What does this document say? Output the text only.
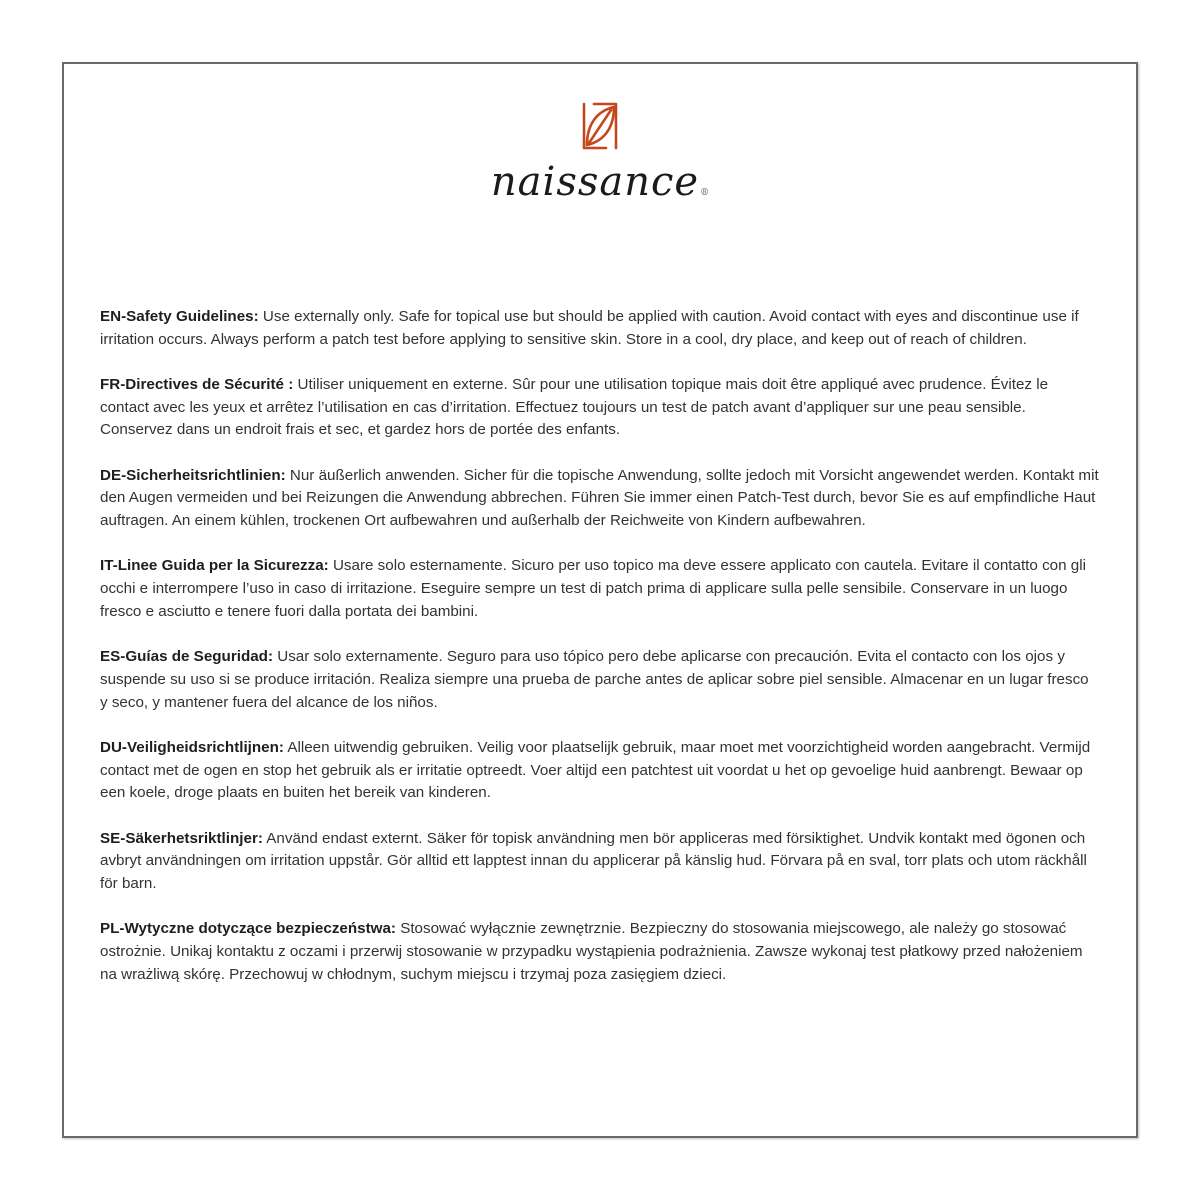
naissance®

EN-Safety Guidelines: Use externally only. Safe for topical use but should be applied with caution. Avoid contact with eyes and discontinue use if irritation occurs. Always perform a patch test before applying to sensitive skin. Store in a cool, dry place, and keep out of reach of children.

FR-Directives de Sécurité : Utiliser uniquement en externe. Sûr pour une utilisation topique mais doit être appliqué avec prudence. Évitez le contact avec les yeux et arrêtez l’utilisation en cas d’irritation. Effectuez toujours un test de patch avant d’appliquer sur une peau sensible. Conservez dans un endroit frais et sec, et gardez hors de portée des enfants.

DE-Sicherheitsrichtlinien: Nur äußerlich anwenden. Sicher für die topische Anwendung, sollte jedoch mit Vorsicht angewendet werden. Kontakt mit den Augen vermeiden und bei Reizungen die Anwendung abbrechen. Führen Sie immer einen Patch-Test durch, bevor Sie es auf empfindliche Haut auftragen. An einem kühlen, trockenen Ort aufbewahren und außerhalb der Reichweite von Kindern aufbewahren.

IT-Linee Guida per la Sicurezza: Usare solo esternamente. Sicuro per uso topico ma deve essere applicato con cautela. Evitare il contatto con gli occhi e interrompere l’uso in caso di irritazione. Eseguire sempre un test di patch prima di applicare sulla pelle sensibile. Conservare in un luogo fresco e asciutto e tenere fuori dalla portata dei bambini.

ES-Guías de Seguridad: Usar solo externamente. Seguro para uso tópico pero debe aplicarse con precaución. Evita el contacto con los ojos y suspende su uso si se produce irritación. Realiza siempre una prueba de parche antes de aplicar sobre piel sensible. Almacenar en un lugar fresco y seco, y mantener fuera del alcance de los niños.

DU-Veiligheidsrichtlijnen: Alleen uitwendig gebruiken. Veilig voor plaatselijk gebruik, maar moet met voorzichtigheid worden aangebracht. Vermijd contact met de ogen en stop het gebruik als er irritatie optreedt. Voer altijd een patchtest uit voordat u het op gevoelige huid aanbrengt. Bewaar op een koele, droge plaats en buiten het bereik van kinderen.

SE-Säkerhetsriktlinjer: Använd endast externt. Säker för topisk användning men bör appliceras med försiktighet. Undvik kontakt med ögonen och avbryt användningen om irritation uppstår. Gör alltid ett lapptest innan du applicerar på känslig hud. Förvara på en sval, torr plats och utom räckhåll för barn.

PL-Wytyczne dotyczące bezpieczeństwa: Stosować wyłącznie zewnętrznie. Bezpieczny do stosowania miejscowego, ale należy go stosować ostrożnie. Unikaj kontaktu z oczami i przerwij stosowanie w przypadku wystąpienia podrażnienia. Zawsze wykonaj test płatkowy przed nałożeniem na wrażliwą skórę. Przechowuj w chłodnym, suchym miejscu i trzymaj poza zasięgiem dzieci.
